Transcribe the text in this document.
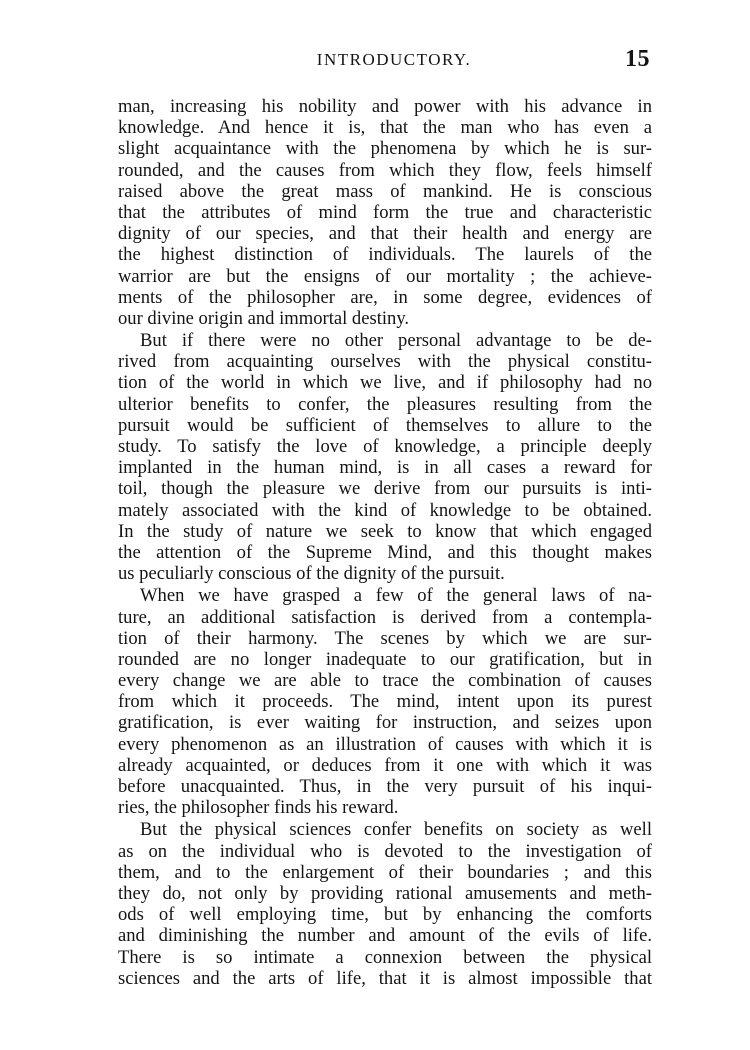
INTRODUCTORY.	15
man, increasing his nobility and power with his advance in
knowledge. And hence it is, that the man who has even a
slight acquaintance with the phenomena by which he is sur-
rounded, and the causes from which they flow, feels himself
raised above the great mass of mankind. He is conscious
that the attributes of mind form the true and characteristic
dignity of our species, and that their health and energy are
the highest distinction of individuals. The laurels of the
warrior are but the ensigns of our mortality ; the achieve-
ments of the philosopher are, in some degree, evidences of
our divine origin and immortal destiny.
But if there were no other personal advantage to be de-
rived from acquainting ourselves with the physical constitu-
tion of the world in which we live, and if philosophy had no
ulterior benefits to confer, the pleasures resulting from the
pursuit would be sufficient of themselves to allure to the
study. To satisfy the love of knowledge, a principle deeply
implanted in the human mind, is in all cases a reward for
toil, though the pleasure we derive from our pursuits is inti-
mately associated with the kind of knowledge to be obtained.
In the study of nature we seek to know that which engaged
the attention of the Supreme Mind, and this thought makes
us peculiarly conscious of the dignity of the pursuit.
When we have grasped a few of the general laws of na-
ture, an additional satisfaction is derived from a contempla-
tion of their harmony. The scenes by which we are sur-
rounded are no longer inadequate to our gratification, but in
every change we are able to trace the combination of causes
from which it proceeds. The mind, intent upon its purest
gratification, is ever waiting for instruction, and seizes upon
every phenomenon as an illustration of causes with which it is
already acquainted, or deduces from it one with which it was
before unacquainted. Thus, in the very pursuit of his inqui-
ries, the philosopher finds his reward.
But the physical sciences confer benefits on society as well
as on the individual who is devoted to the investigation of
them, and to the enlargement of their boundaries ; and this
they do, not only by providing rational amusements and meth-
ods of well employing time, but by enhancing the comforts
and diminishing the number and amount of the evils of life.
There is so intimate a connexion between the physical
sciences and the arts of life, that it is almost impossible that
